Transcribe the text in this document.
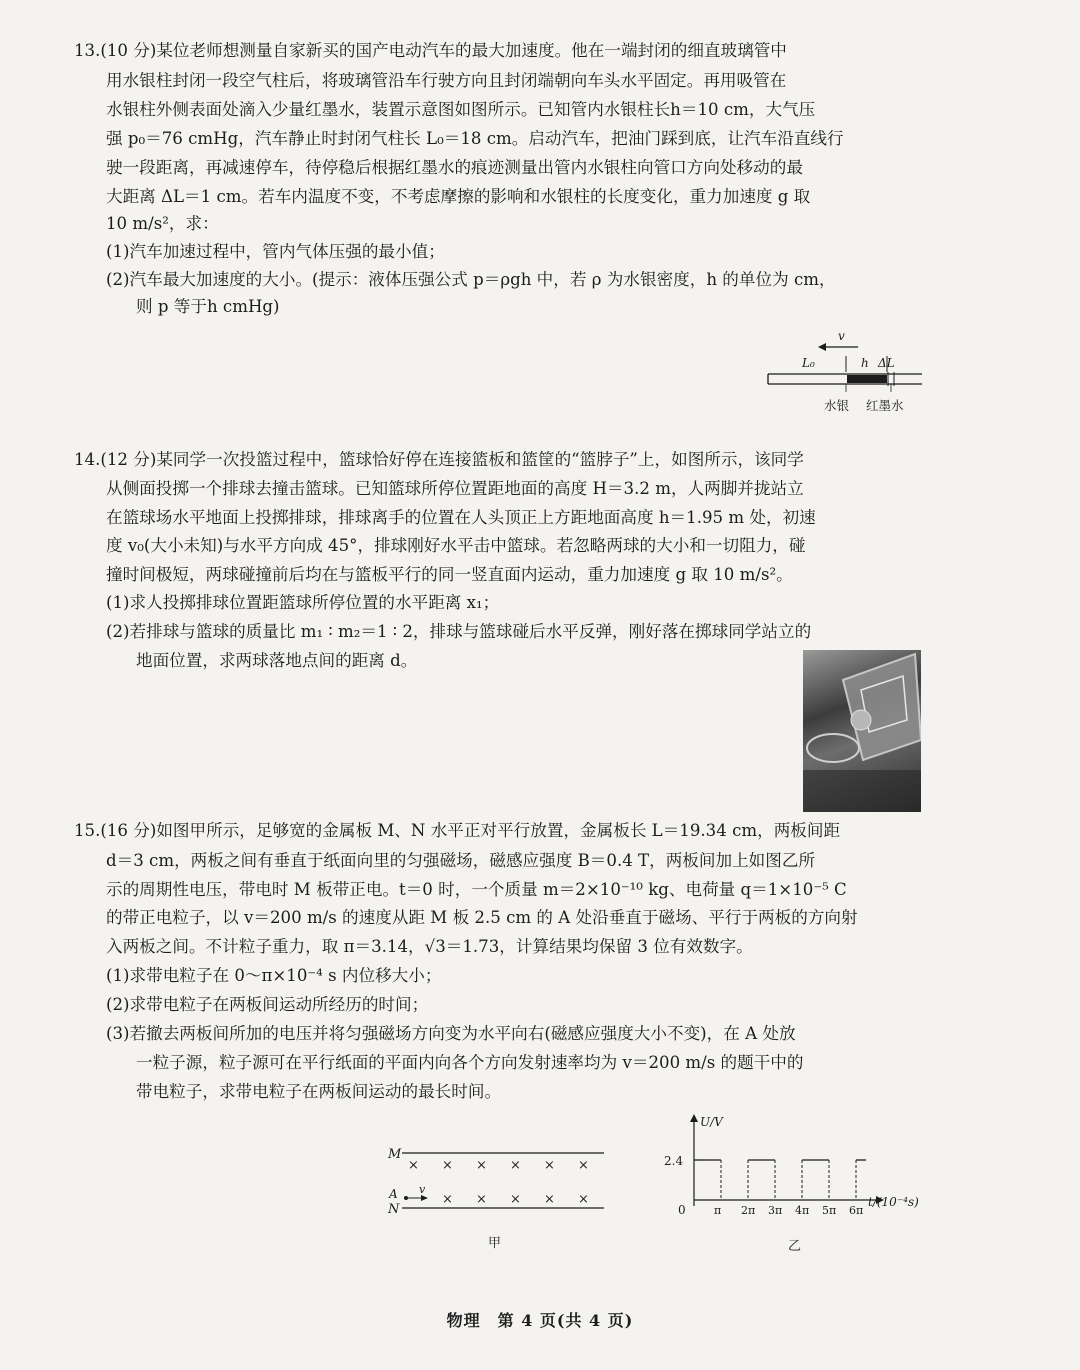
13.(10 分)某位老师想测量自家新买的国产电动汽车的最大加速度。他在一端封闭的细直玻璃管中
用水银柱封闭一段空气柱后，将玻璃管沿车行驶方向且封闭端朝向车头水平固定。再用吸管在
水银柱外侧表面处滴入少量红墨水，装置示意图如图所示。已知管内水银柱长h＝10 cm，大气压
强 p₀＝76 cmHg，汽车静止时封闭气柱长 L₀＝18 cm。启动汽车，把油门踩到底，让汽车沿直线行
驶一段距离，再减速停车，待停稳后根据红墨水的痕迹测量出管内水银柱向管口方向处移动的最
大距离 ΔL＝1 cm。若车内温度不变，不考虑摩擦的影响和水银柱的长度变化，重力加速度 g 取
10 m/s²，求：
(1)汽车加速过程中，管内气体压强的最小值；
(2)汽车最大加速度的大小。(提示：液体压强公式 p＝ρgh 中，若 ρ 为水银密度，h 的单位为 cm，
则 p 等于h cmHg)
v
L₀	h ΔL
水银 红墨水
14.(12 分)某同学一次投篮过程中，篮球恰好停在连接篮板和篮筐的“篮脖子”上，如图所示，该同学
从侧面投掷一个排球去撞击篮球。已知篮球所停位置距地面的高度 H＝3.2 m，人两脚并拢站立
在篮球场水平地面上投掷排球，排球离手的位置在人头顶正上方距地面高度 h＝1.95 m 处，初速
度 v₀(大小未知)与水平方向成 45°，排球刚好水平击中篮球。若忽略两球的大小和一切阻力，碰
撞时间极短，两球碰撞前后均在与篮板平行的同一竖直面内运动，重力加速度 g 取 10 m/s²。
(1)求人投掷排球位置距篮球所停位置的水平距离 x₁；
(2)若排球与篮球的质量比 m₁ ∶ m₂＝1 ∶ 2，排球与篮球碰后水平反弹，刚好落在掷球同学站立的
地面位置，求两球落地点间的距离 d。
15.(16 分)如图甲所示，足够宽的金属板 M、N 水平正对平行放置，金属板长 L＝19.34 cm，两板间距
d＝3 cm，两板之间有垂直于纸面向里的匀强磁场，磁感应强度 B＝0.4 T，两板间加上如图乙所
示的周期性电压，带电时 M 板带正电。t＝0 时，一个质量 m＝2×10⁻¹⁰ kg、电荷量 q＝1×10⁻⁵ C
的带正电粒子，以 v＝200 m/s 的速度从距 M 板 2.5 cm 的 A 处沿垂直于磁场、平行于两板的方向射
入两板之间。不计粒子重力，取 π＝3.14，√3＝1.73，计算结果均保留 3 位有效数字。
(1)求带电粒子在 0～π×10⁻⁴ s 内位移大小；
(2)求带电粒子在两板间运动所经历的时间；
(3)若撤去两板间所加的电压并将匀强磁场方向变为水平向右(磁感应强度大小不变)，在 A 处放
一粒子源，粒子源可在平行纸面的平面内向各个方向发射速率均为 v＝200 m/s 的题干中的
带电粒子，求带电粒子在两板间运动的最长时间。
M
× × × × × ×
A
N
v
× × × × ×
甲
U/V
t/(10⁻⁴s)
0
2.4
π 2π 3π 4π 5π 6π
乙
物理　第 4 页(共 4 页)
